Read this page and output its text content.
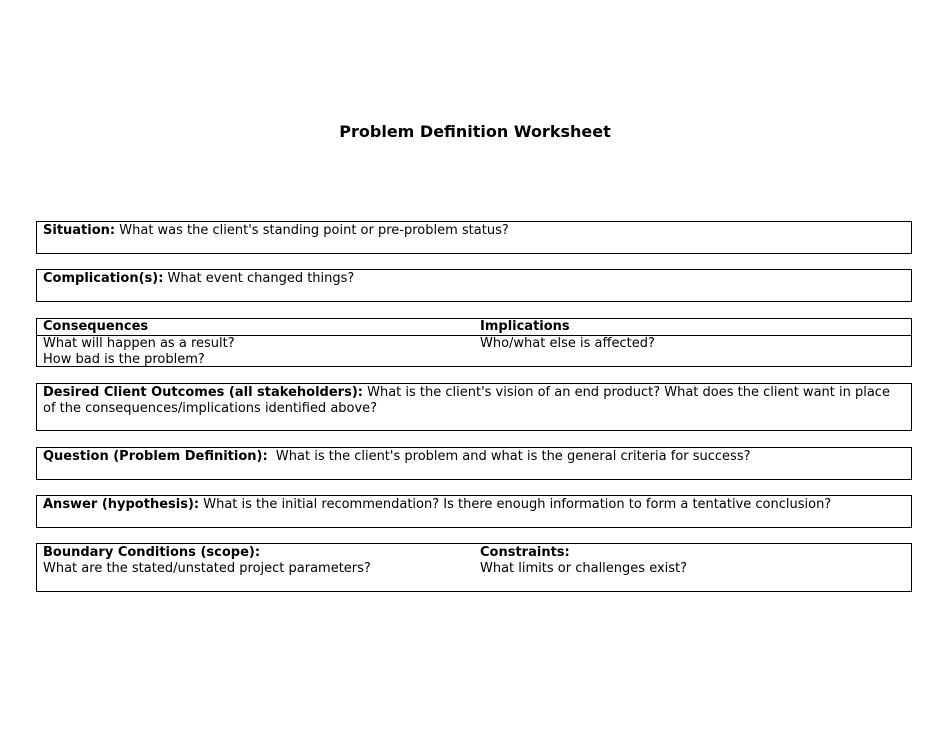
Problem Definition Worksheet
Situation: What was the client's standing point or pre-problem status?
Complication(s): What event changed things?
Consequences	Implications
What will happen as a result?
How bad is the problem?
Who/what else is affected?
Desired Client Outcomes (all stakeholders): What is the client's vision of an end product? What does the client want in place of the consequences/implications identified above?
Question (Problem Definition):  What is the client's problem and what is the general criteria for success?
Answer (hypothesis): What is the initial recommendation? Is there enough information to form a tentative conclusion?
Boundary Conditions (scope):
What are the stated/unstated project parameters?
Constraints:
What limits or challenges exist?
